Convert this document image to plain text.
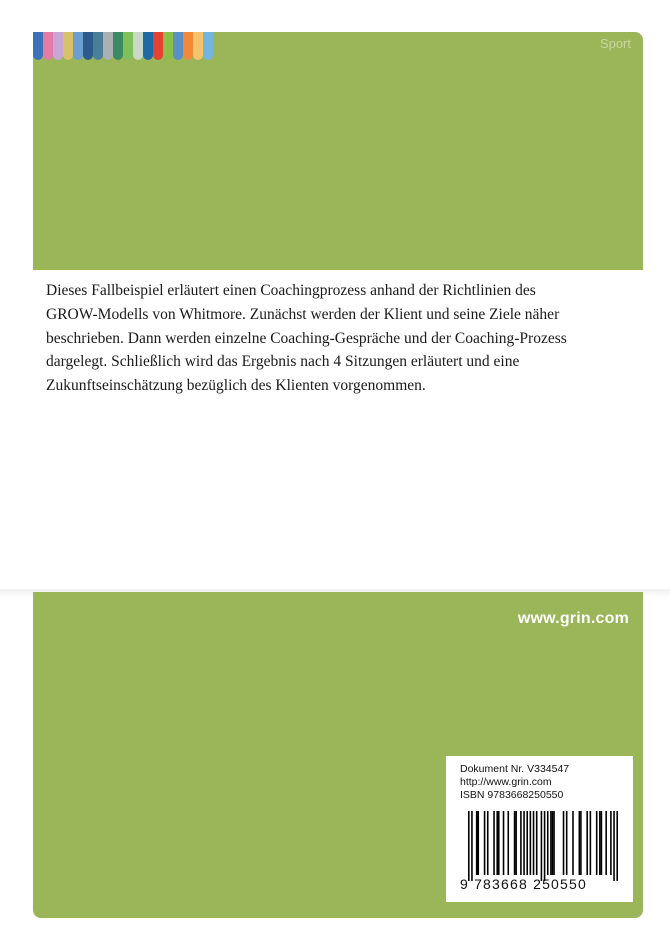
Sport

Dieses Fallbeispiel erläutert einen Coachingprozess anhand der Richtlinien des
GROW-Modells von Whitmore. Zunächst werden der Klient und seine Ziele näher
beschrieben. Dann werden einzelne Coaching-Gespräche und der Coaching-Prozess
dargelegt. Schließlich wird das Ergebnis nach 4 Sitzungen erläutert und eine
Zukunftseinschätzung bezüglich des Klienten vorgenommen.

www.grin.com
Dokument Nr. V334547
http://www.grin.com
ISBN 9783668250550
9 783668 250550
